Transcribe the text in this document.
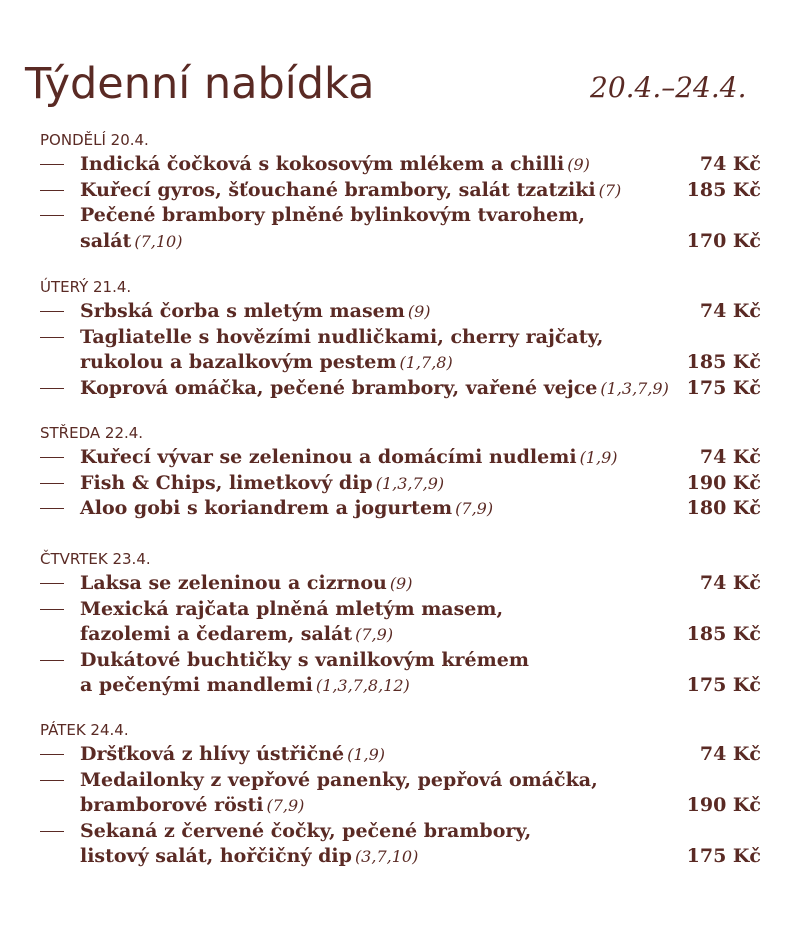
Týdenní nabídka	20.4.–24.4.
PONDĚLÍ 20.4.
Indická čočková s kokosovým mlékem a chilli (9)	74 Kč
Kuřecí gyros, šťouchané brambory, salát tzatziki (7)	185 Kč
Pečené brambory plněné bylinkovým tvarohem,
salát (7,10)	170 Kč
ÚTERÝ 21.4.
Srbská čorba s mletým masem (9)	74 Kč
Tagliatelle s hovězími nudličkami, cherry rajčaty,
rukolou a bazalkovým pestem (1,7,8)	185 Kč
Koprová omáčka, pečené brambory, vařené vejce (1,3,7,9) 175 Kč
STŘEDA 22.4.
Kuřecí vývar se zeleninou a domácími nudlemi (1,9)	74 Kč
Fish & Chips, limetkový dip (1,3,7,9)	190 Kč
Aloo gobi s koriandrem a jogurtem (7,9)	180 Kč
ČTVRTEK 23.4.
Laksa se zeleninou a cizrnou (9)	74 Kč
Mexická rajčata plněná mletým masem,
fazolemi a čedarem, salát (7,9)	185 Kč
Dukátové buchtičky s vanilkovým krémem
a pečenými mandlemi (1,3,7,8,12)	175 Kč
PÁTEK 24.4.
Dršťková z hlívy ústřičné (1,9)	74 Kč
Medailonky z vepřové panenky, pepřová omáčka,
bramborové rösti (7,9)	190 Kč
Sekaná z červené čočky, pečené brambory,
listový salát, hořčičný dip (3,7,10)	175 Kč
